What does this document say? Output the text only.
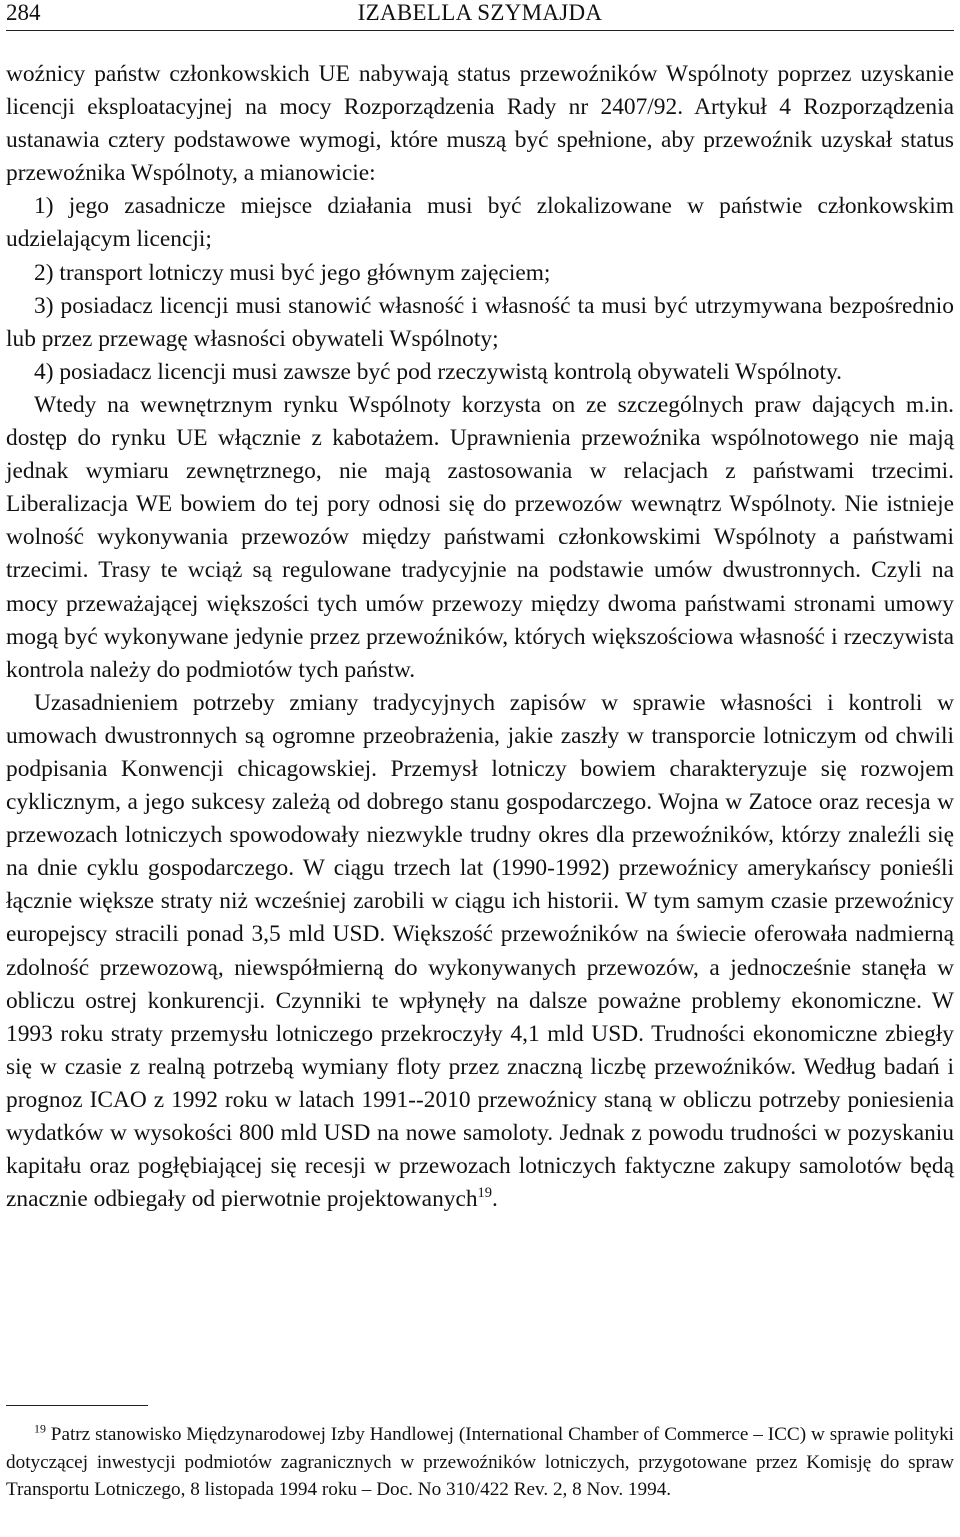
284	IZABELLA SZYMAJDA

woźnicy państw członkowskich UE nabywają status przewoźników Wspólnoty poprzez uzyskanie licencji eksploatacyjnej na mocy Rozporządzenia Rady nr 2407/92. Artykuł 4 Rozporządzenia ustanawia cztery podstawowe wymogi, które muszą być spełnione, aby przewoźnik uzyskał status przewoźnika Wspólnoty, a mianowicie:

1) jego zasadnicze miejsce działania musi być zlokalizowane w państwie członkowskim udzielającym licencji;

2) transport lotniczy musi być jego głównym zajęciem;

3) posiadacz licencji musi stanowić własność i własność ta musi być utrzymywana bezpośrednio lub przez przewagę własności obywateli Wspólnoty;

4) posiadacz licencji musi zawsze być pod rzeczywistą kontrolą obywateli Wspólnoty.

Wtedy na wewnętrznym rynku Wspólnoty korzysta on ze szczególnych praw dających m.in. dostęp do rynku UE włącznie z kabotażem. Uprawnienia przewoźnika wspólnotowego nie mają jednak wymiaru zewnętrznego, nie mają zastosowania w relacjach z państwami trzecimi. Liberalizacja WE bowiem do tej pory odnosi się do przewozów wewnątrz Wspólnoty. Nie istnieje wolność wykonywania przewozów między państwami członkowskimi Wspólnoty a państwami trzecimi. Trasy te wciąż są regulowane tradycyjnie na podstawie umów dwustronnych. Czyli na mocy przeważającej większości tych umów przewozy między dwoma państwami stronami umowy mogą być wykonywane jedynie przez przewoźników, których większościowa własność i rzeczywista kontrola należy do podmiotów tych państw.

Uzasadnieniem potrzeby zmiany tradycyjnych zapisów w sprawie własności i kontroli w umowach dwustronnych są ogromne przeobrażenia, jakie zaszły w transporcie lotniczym od chwili podpisania Konwencji chicagowskiej. Przemysł lotniczy bowiem charakteryzuje się rozwojem cyklicznym, a jego sukcesy zależą od dobrego stanu gospodarczego. Wojna w Zatoce oraz recesja w przewozach lotniczych spowodowały niezwykle trudny okres dla przewoźników, którzy znaleźli się na dnie cyklu gospodarczego. W ciągu trzech lat (1990-1992) przewoźnicy amerykańscy ponieśli łącznie większe straty niż wcześniej zarobili w ciągu ich historii. W tym samym czasie przewoźnicy europejscy stracili ponad 3,5 mld USD. Większość przewoźników na świecie oferowała nadmierną zdolność przewozową, niewspółmierną do wykonywanych przewozów, a jednocześnie stanęła w obliczu ostrej konkurencji. Czynniki te wpłynęły na dalsze poważne problemy ekonomiczne. W 1993 roku straty przemysłu lotniczego przekroczyły 4,1 mld USD. Trudności ekonomiczne zbiegły się w czasie z realną potrzebą wymiany floty przez znaczną liczbę przewoźników. Według badań i prognoz ICAO z 1992 roku w latach 1991--2010 przewoźnicy staną w obliczu potrzeby poniesienia wydatków w wysokości 800 mld USD na nowe samoloty. Jednak z powodu trudności w pozyskaniu kapitału oraz pogłębiającej się recesji w przewozach lotniczych faktyczne zakupy samolotów będą znacznie odbiegały od pierwotnie projektowanych$^{19}$.

$^{19}$ Patrz stanowisko Międzynarodowej Izby Handlowej (International Chamber of Commerce – ICC) w sprawie polityki dotyczącej inwestycji podmiotów zagranicznych w przewoźników lotniczych, przygotowane przez Komisję do spraw Transportu Lotniczego, 8 listopada 1994 roku – Doc. No 310/422 Rev. 2, 8 Nov. 1994.
